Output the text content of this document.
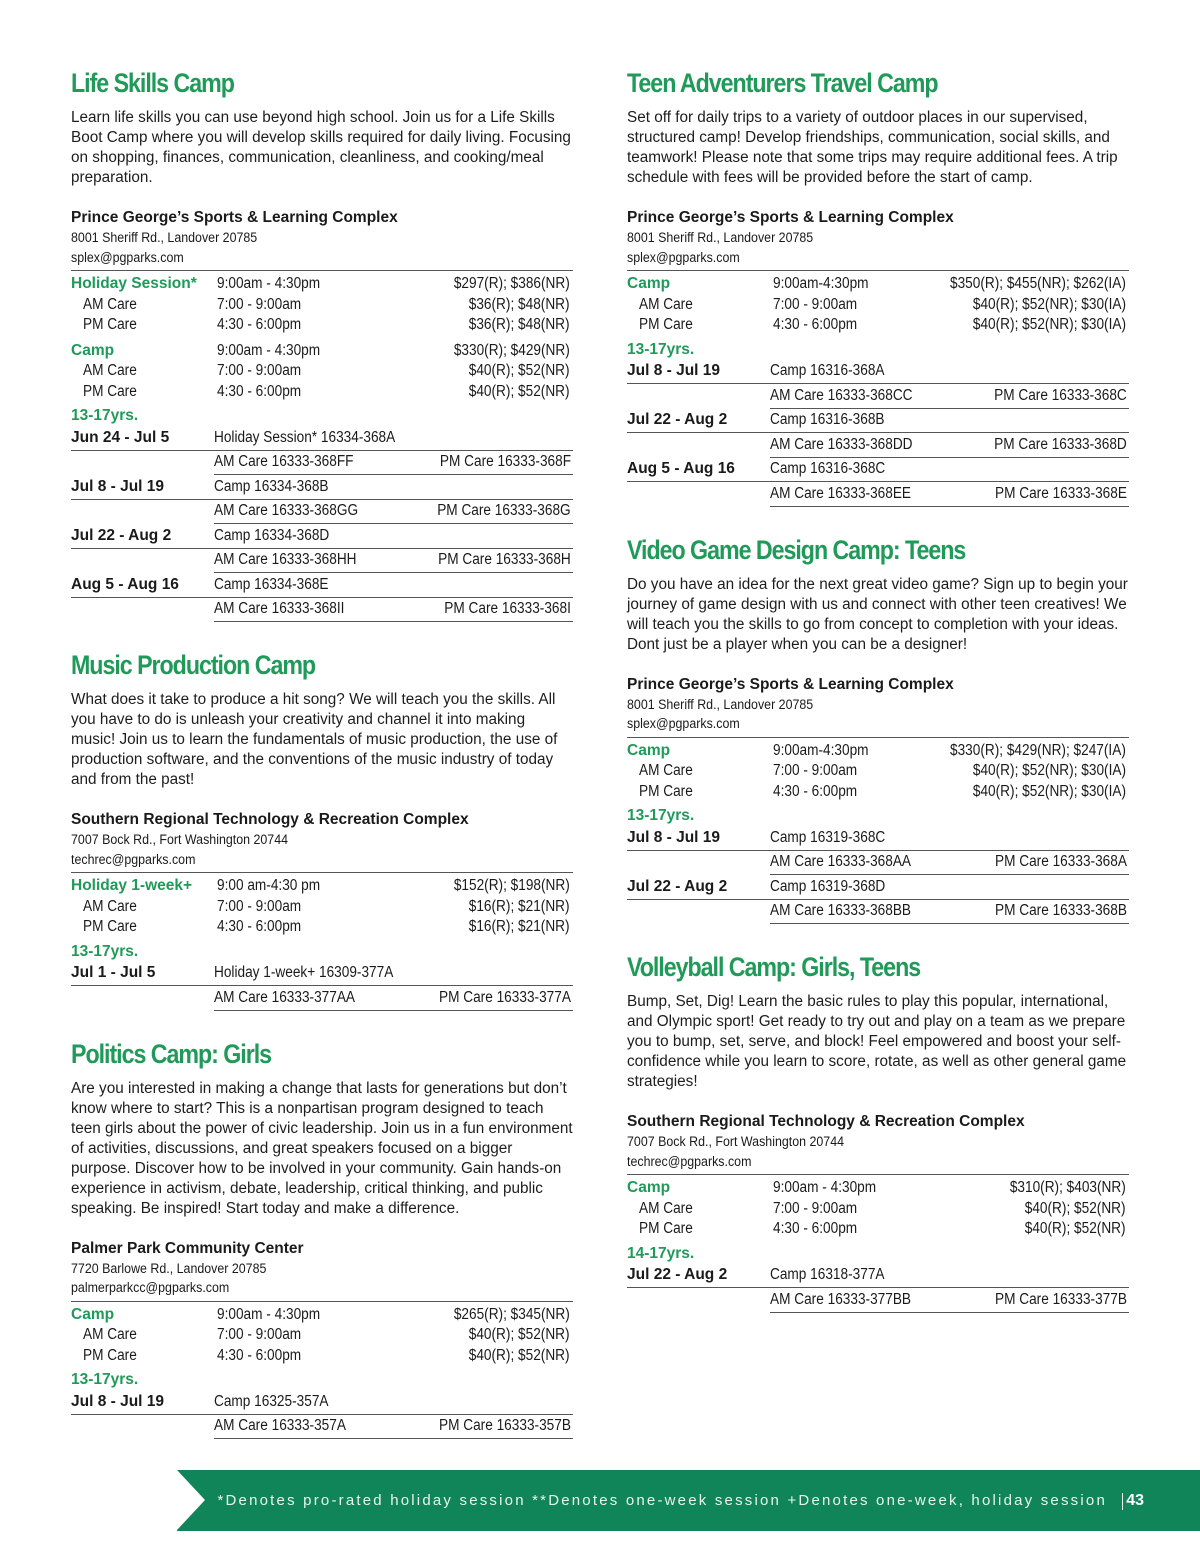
Life Skills Camp
Learn life skills you can use beyond high school. Join us for a Life Skills Boot Camp where you will develop skills required for daily living. Focusing on shopping, finances, communication, cleanliness, and cooking/meal preparation.
Prince George’s Sports & Learning Complex
8001 Sheriff Rd., Landover 20785
splex@pgparks.com
Holiday Session* 9:00am - 4:30pm	$297(R); $386(NR)
AM Care	7:00 - 9:00am	$36(R); $48(NR)
PM Care	4:30 - 6:00pm	$36(R); $48(NR)
Camp	9:00am - 4:30pm	$330(R); $429(NR)
AM Care	7:00 - 9:00am	$40(R); $52(NR)
PM Care	4:30 - 6:00pm	$40(R); $52(NR)
13-17yrs.
Jun 24 - Jul 5	Holiday Session* 16334-368A
AM Care 16333-368FF	PM Care 16333-368F
Jul 8 - Jul 19	Camp 16334-368B
AM Care 16333-368GG	PM Care 16333-368G
Jul 22 - Aug 2	Camp 16334-368D
AM Care 16333-368HH	PM Care 16333-368H
Aug 5 - Aug 16	Camp 16334-368E
AM Care 16333-368II	PM Care 16333-368I
Music Production Camp
What does it take to produce a hit song? We will teach you the skills. All you have to do is unleash your creativity and channel it into making music! Join us to learn the fundamentals of music production, the use of production software, and the conventions of the music industry of today and from the past!
Southern Regional Technology & Recreation Complex
7007 Bock Rd., Fort Washington 20744
techrec@pgparks.com
Holiday 1-week+ 9:00 am-4:30 pm	$152(R); $198(NR)
AM Care	7:00 - 9:00am	$16(R); $21(NR)
PM Care	4:30 - 6:00pm	$16(R); $21(NR)
13-17yrs.
Jul 1 - Jul 5	Holiday 1-week+ 16309-377A
AM Care 16333-377AA	PM Care 16333-377A
Politics Camp: Girls
Are you interested in making a change that lasts for generations but don’t know where to start? This is a nonpartisan program designed to teach teen girls about the power of civic leadership. Join us in a fun environment of activities, discussions, and great speakers focused on a bigger purpose. Discover how to be involved in your community. Gain hands-on experience in activism, debate, leadership, critical thinking, and public speaking. Be inspired! Start today and make a difference.
Palmer Park Community Center
7720 Barlowe Rd., Landover 20785
palmerparkcc@pgparks.com
Camp	9:00am - 4:30pm	$265(R); $345(NR)
AM Care	7:00 - 9:00am	$40(R); $52(NR)
PM Care	4:30 - 6:00pm	$40(R); $52(NR)
13-17yrs.
Jul 8 - Jul 19	Camp 16325-357A
AM Care 16333-357A	PM Care 16333-357B
Teen Adventurers Travel Camp
Set off for daily trips to a variety of outdoor places in our supervised, structured camp! Develop friendships, communication, social skills, and teamwork! Please note that some trips may require additional fees. A trip schedule with fees will be provided before the start of camp.
Prince George’s Sports & Learning Complex
8001 Sheriff Rd., Landover 20785
splex@pgparks.com
Camp	9:00am-4:30pm	$350(R); $455(NR); $262(IA)
AM Care	7:00 - 9:00am	$40(R); $52(NR); $30(IA)
PM Care	4:30 - 6:00pm	$40(R); $52(NR); $30(IA)
13-17yrs.
Jul 8 - Jul 19	Camp 16316-368A
AM Care 16333-368CC	PM Care 16333-368C
Jul 22 - Aug 2	Camp 16316-368B
AM Care 16333-368DD	PM Care 16333-368D
Aug 5 - Aug 16	Camp 16316-368C
AM Care 16333-368EE	PM Care 16333-368E
Video Game Design Camp: Teens
Do you have an idea for the next great video game? Sign up to begin your journey of game design with us and connect with other teen creatives! We will teach you the skills to go from concept to completion with your ideas. Dont just be a player when you can be a designer!
Prince George’s Sports & Learning Complex
8001 Sheriff Rd., Landover 20785
splex@pgparks.com
Camp	9:00am-4:30pm	$330(R); $429(NR); $247(IA)
AM Care	7:00 - 9:00am	$40(R); $52(NR); $30(IA)
PM Care	4:30 - 6:00pm	$40(R); $52(NR); $30(IA)
13-17yrs.
Jul 8 - Jul 19	Camp 16319-368C
AM Care 16333-368AA	PM Care 16333-368A
Jul 22 - Aug 2	Camp 16319-368D
AM Care 16333-368BB	PM Care 16333-368B
Volleyball Camp: Girls, Teens
Bump, Set, Dig! Learn the basic rules to play this popular, international, and Olympic sport! Get ready to try out and play on a team as we prepare you to bump, set, serve, and block! Feel empowered and boost your self-confidence while you learn to score, rotate, as well as other general game strategies!
Southern Regional Technology & Recreation Complex
7007 Bock Rd., Fort Washington 20744
techrec@pgparks.com
Camp	9:00am - 4:30pm	$310(R); $403(NR)
AM Care	7:00 - 9:00am	$40(R); $52(NR)
PM Care	4:30 - 6:00pm	$40(R); $52(NR)
14-17yrs.
Jul 22 - Aug 2	Camp 16318-377A
AM Care 16333-377BB	PM Care 16333-377B
*Denotes pro-rated holiday session **Denotes one-week session +Denotes one-week, holiday session 43
